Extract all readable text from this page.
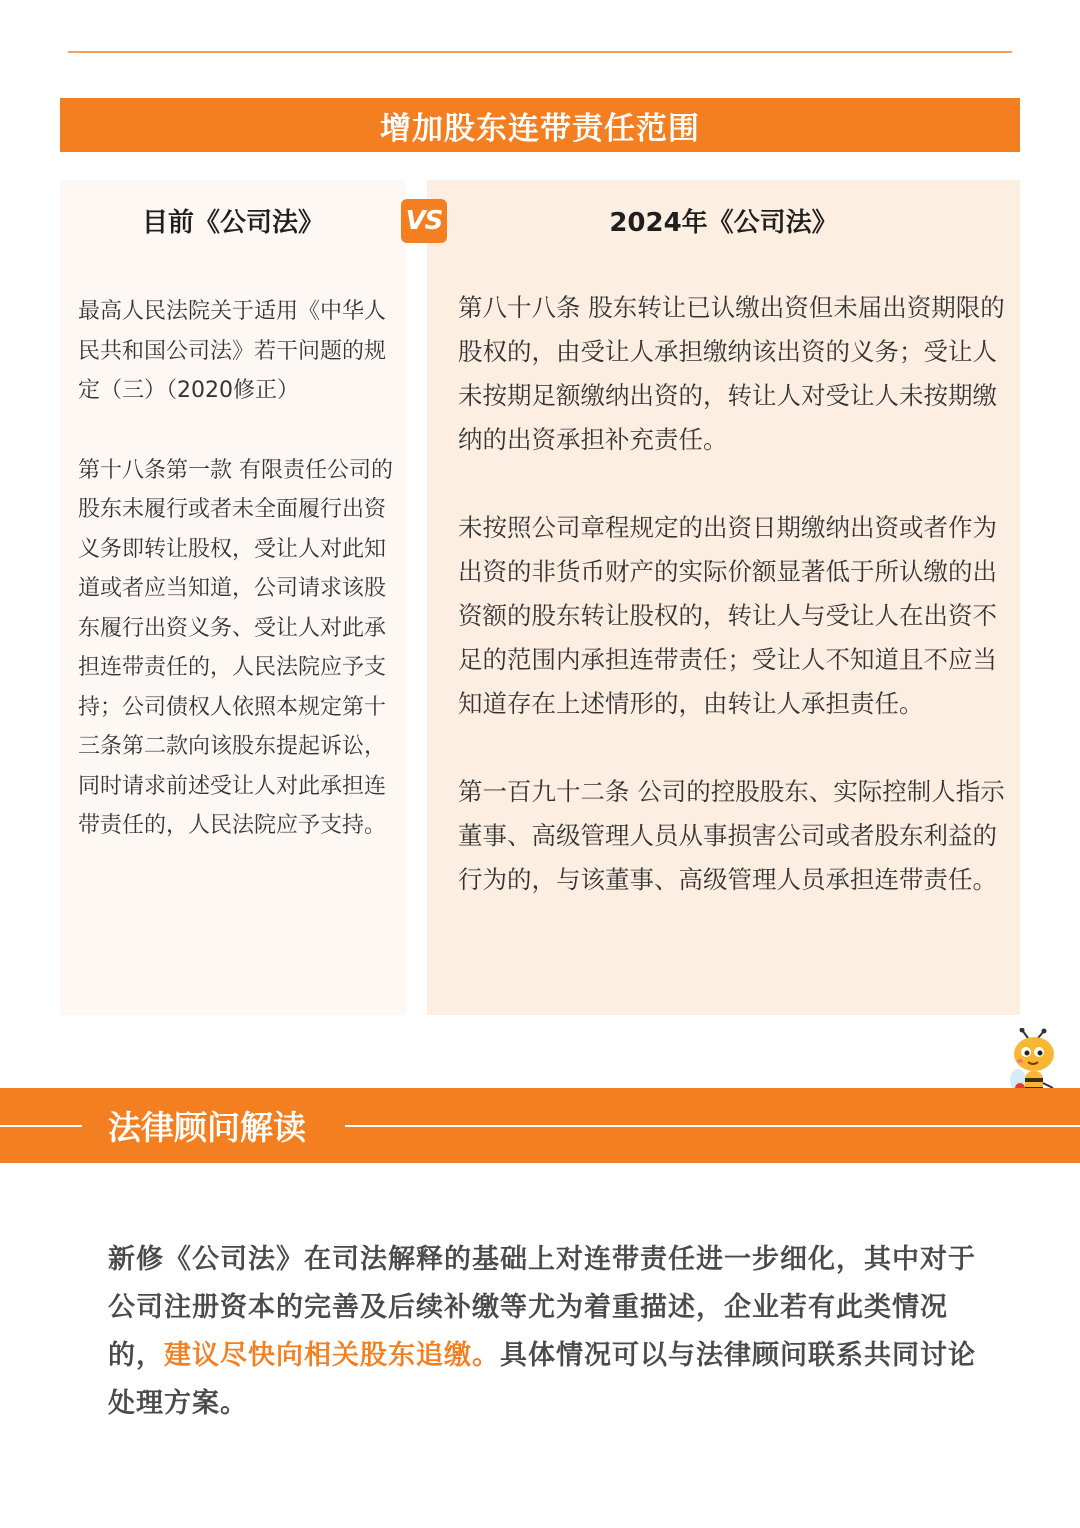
增加股东连带责任范围
目前《公司法》

最高人民法院关于适用《中华人民共和国公司法》若干问题的规定（三）（2020修正）

第十八条第一款 有限责任公司的股东未履行或者未全面履行出资义务即转让股权，受让人对此知道或者应当知道，公司请求该股东履行出资义务、受让人对此承担连带责任的，人民法院应予支持；公司债权人依照本规定第十三条第二款向该股东提起诉讼，同时请求前述受让人对此承担连带责任的，人民法院应予支持。

2024年《公司法》

第八十八条 股东转让已认缴出资但未届出资期限的股权的，由受让人承担缴纳该出资的义务；受让人未按期足额缴纳出资的，转让人对受让人未按期缴纳的出资承担补充责任。

未按照公司章程规定的出资日期缴纳出资或者作为出资的非货币财产的实际价额显著低于所认缴的出资额的股东转让股权的，转让人与受让人在出资不足的范围内承担连带责任；受让人不知道且不应当知道存在上述情形的，由转让人承担责任。

第一百九十二条 公司的控股股东、实际控制人指示董事、高级管理人员从事损害公司或者股东利益的行为的，与该董事、高级管理人员承担连带责任。

VS
法律顾问解读
新修《公司法》在司法解释的基础上对连带责任进一步细化，其中对于公司注册资本的完善及后续补缴等尤为着重描述，企业若有此类情况的，建议尽快向相关股东追缴。具体情况可以与法律顾问联系共同讨论处理方案。
